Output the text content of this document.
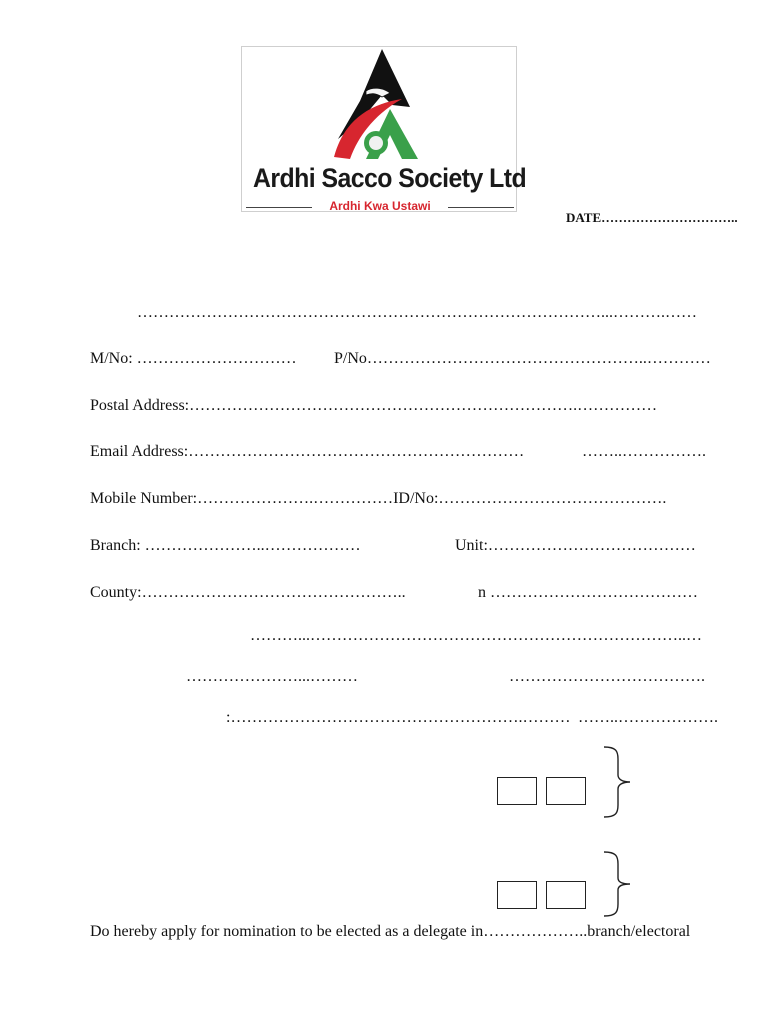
Ardhi Sacco Society Ltd
Ardhi Kwa Ustawi
DATE…………………………..
……………………………………………………………………………...……….……
M/No: ………………………… P/No……………………………………………..…………
Postal Address:……………………………………………………………….……………
Email Address:………………………………………………………	……..…………….
Mobile Number:………………….……………ID/No:…………………………………….
Branch: …………………..………………	Unit:…………………………………
County:…………………………………………..	n …………………………………
………...……………………………………………………………..…
…………………...………	……………………………….
:……………………………………………….……… ……..……………….
Do hereby apply for nomination to be elected as a delegate in………………..branch/electoral
